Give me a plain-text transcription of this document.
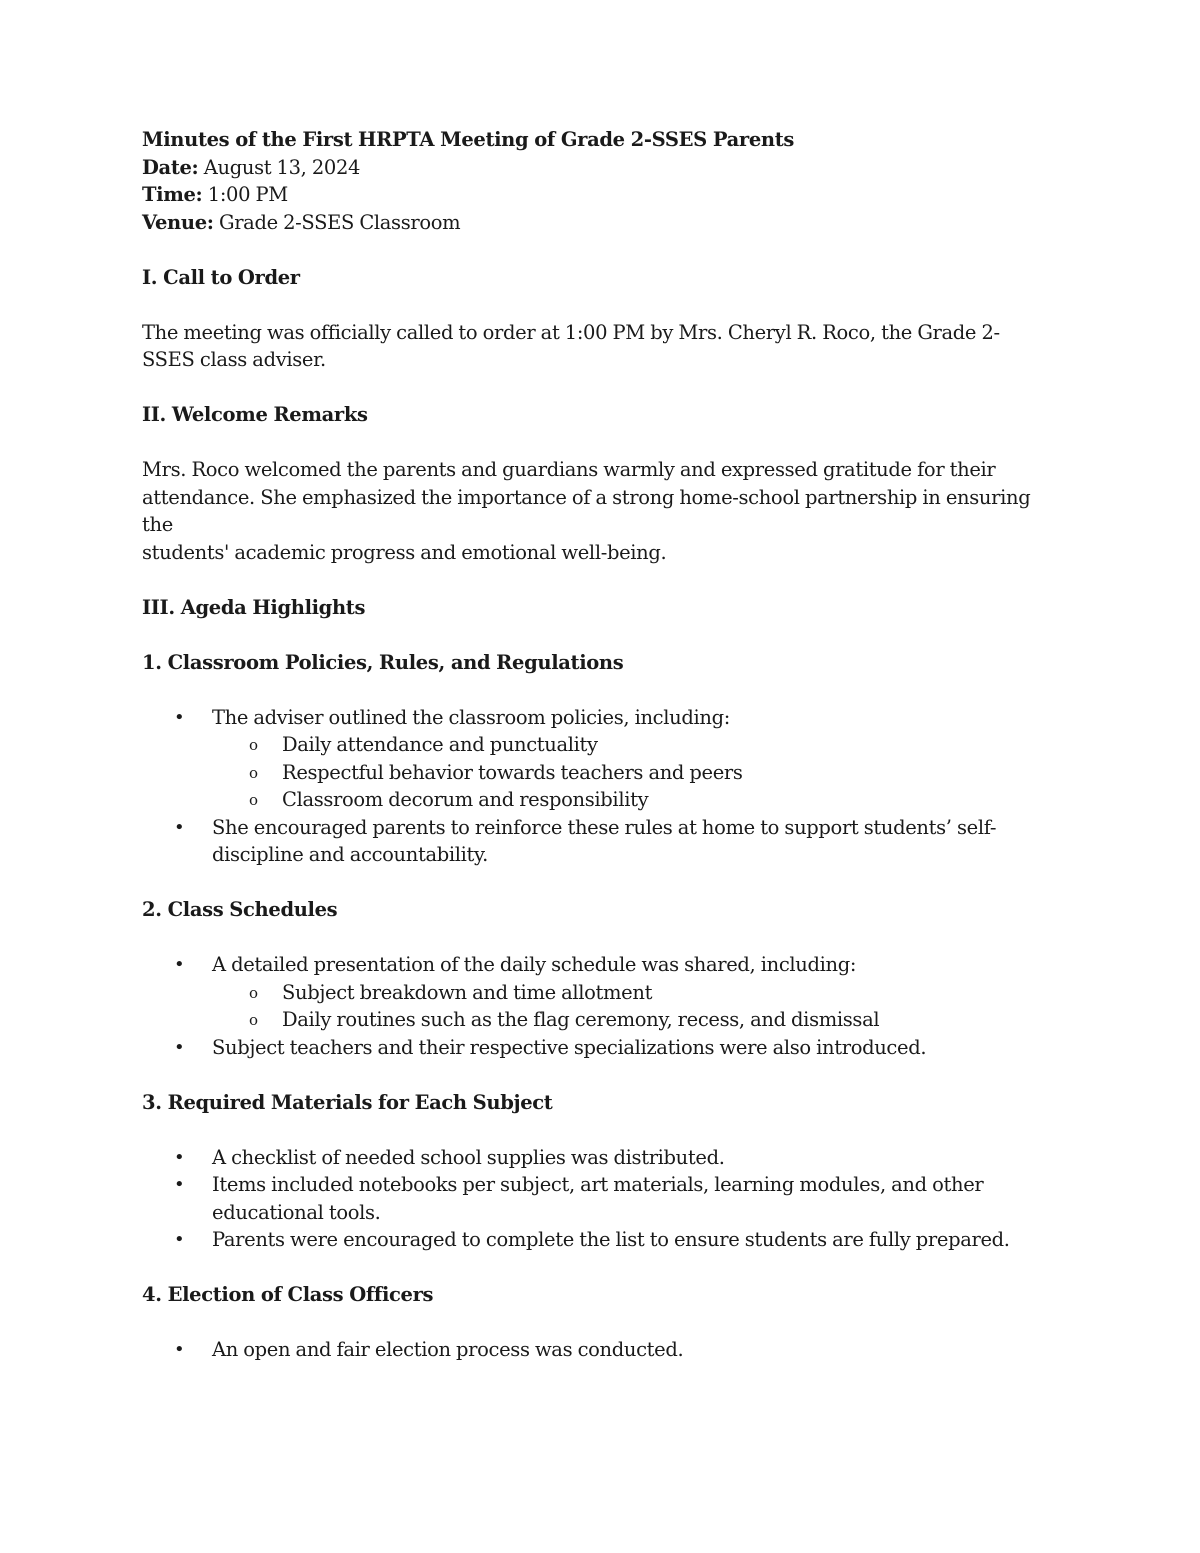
Minutes of the First HRPTA Meeting of Grade 2-SSES Parents
Date: August 13, 2024
Time: 1:00 PM
Venue: Grade 2-SSES Classroom
I. Call to Order

The meeting was officially called to order at 1:00 PM by Mrs. Cheryl R. Roco, the Grade 2-
SSES class adviser.

II. Welcome Remarks

Mrs. Roco welcomed the parents and guardians warmly and expressed gratitude for their
attendance. She emphasized the importance of a strong home-school partnership in ensuring the
students' academic progress and emotional well-being.

III. Ageda Highlights
1. Classroom Policies, Rules, and Regulations
• The adviser outlined the classroom policies, including:
o Daily attendance and punctuality
o Respectful behavior towards teachers and peers
o Classroom decorum and responsibility
• She encouraged parents to reinforce these rules at home to support students’ self-
discipline and accountability.
2. Class Schedules
• A detailed presentation of the daily schedule was shared, including:
o Subject breakdown and time allotment
o Daily routines such as the flag ceremony, recess, and dismissal
• Subject teachers and their respective specializations were also introduced.
3. Required Materials for Each Subject
• A checklist of needed school supplies was distributed.
• Items included notebooks per subject, art materials, learning modules, and other
educational tools.
• Parents were encouraged to complete the list to ensure students are fully prepared.
4. Election of Class Officers
• An open and fair election process was conducted.
